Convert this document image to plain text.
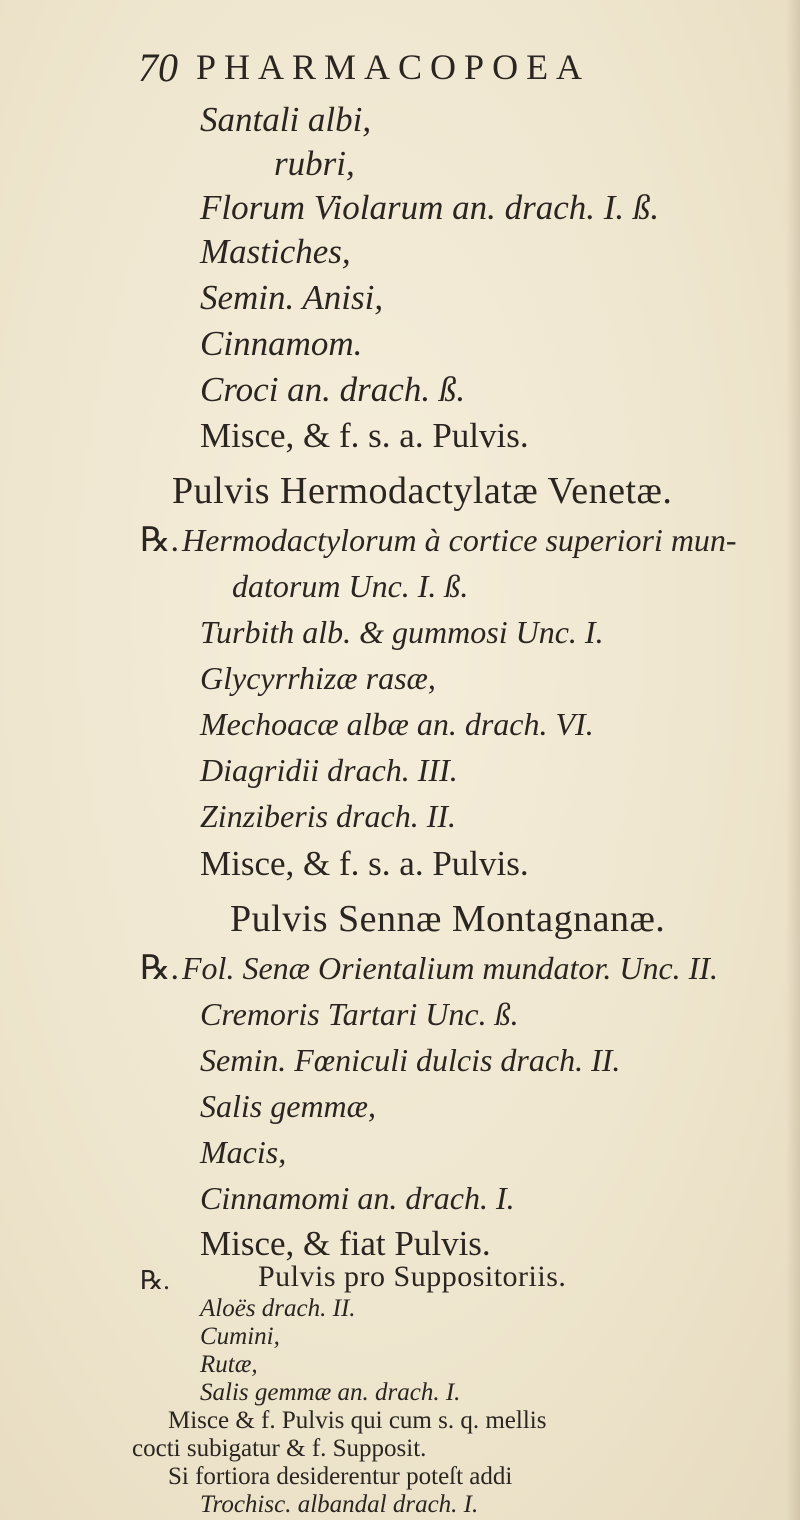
70 PHARMACOPOEA
Santali albi,
rubri,
Florum Violarum an. drach. I. ß.
Mastiches,
Semin. Anisi,
Cinnamom.
Croci an. drach. ß.
Misce, & f. s. a. Pulvis.
Pulvis Hermodactylatæ Venetæ.
℞. Hermodactylorum à cortice superiori mun-
datorum Unc. I. ß.
Turbith alb. & gummosi Unc. I.
Glycyrrhizæ rasæ,
Mechoacæ albæ an. drach. VI.
Diagridii drach. III.
Zinziberis drach. II.
Misce, & f. s. a. Pulvis.
Pulvis Sennæ Montagnanæ.
℞. Fol. Senæ Orientalium mundator. Unc. II.
Cremoris Tartari Unc. ß.
Semin. Fœniculi dulcis drach. II.
Salis gemmæ,
Macis,
Cinnamomi an. drach. I.
Misce, & fiat Pulvis.
Pulvis pro Suppositoriis.
℞.
Aloës drach. II.
Cumini,
Rutæ,
Salis gemmæ an. drach. I.
Misce & f. Pulvis qui cum s. q. mellis
cocti subigatur & f. Supposit.
Si fortiora desiderentur poteſt addi
Trochisc. albandal drach. I.
